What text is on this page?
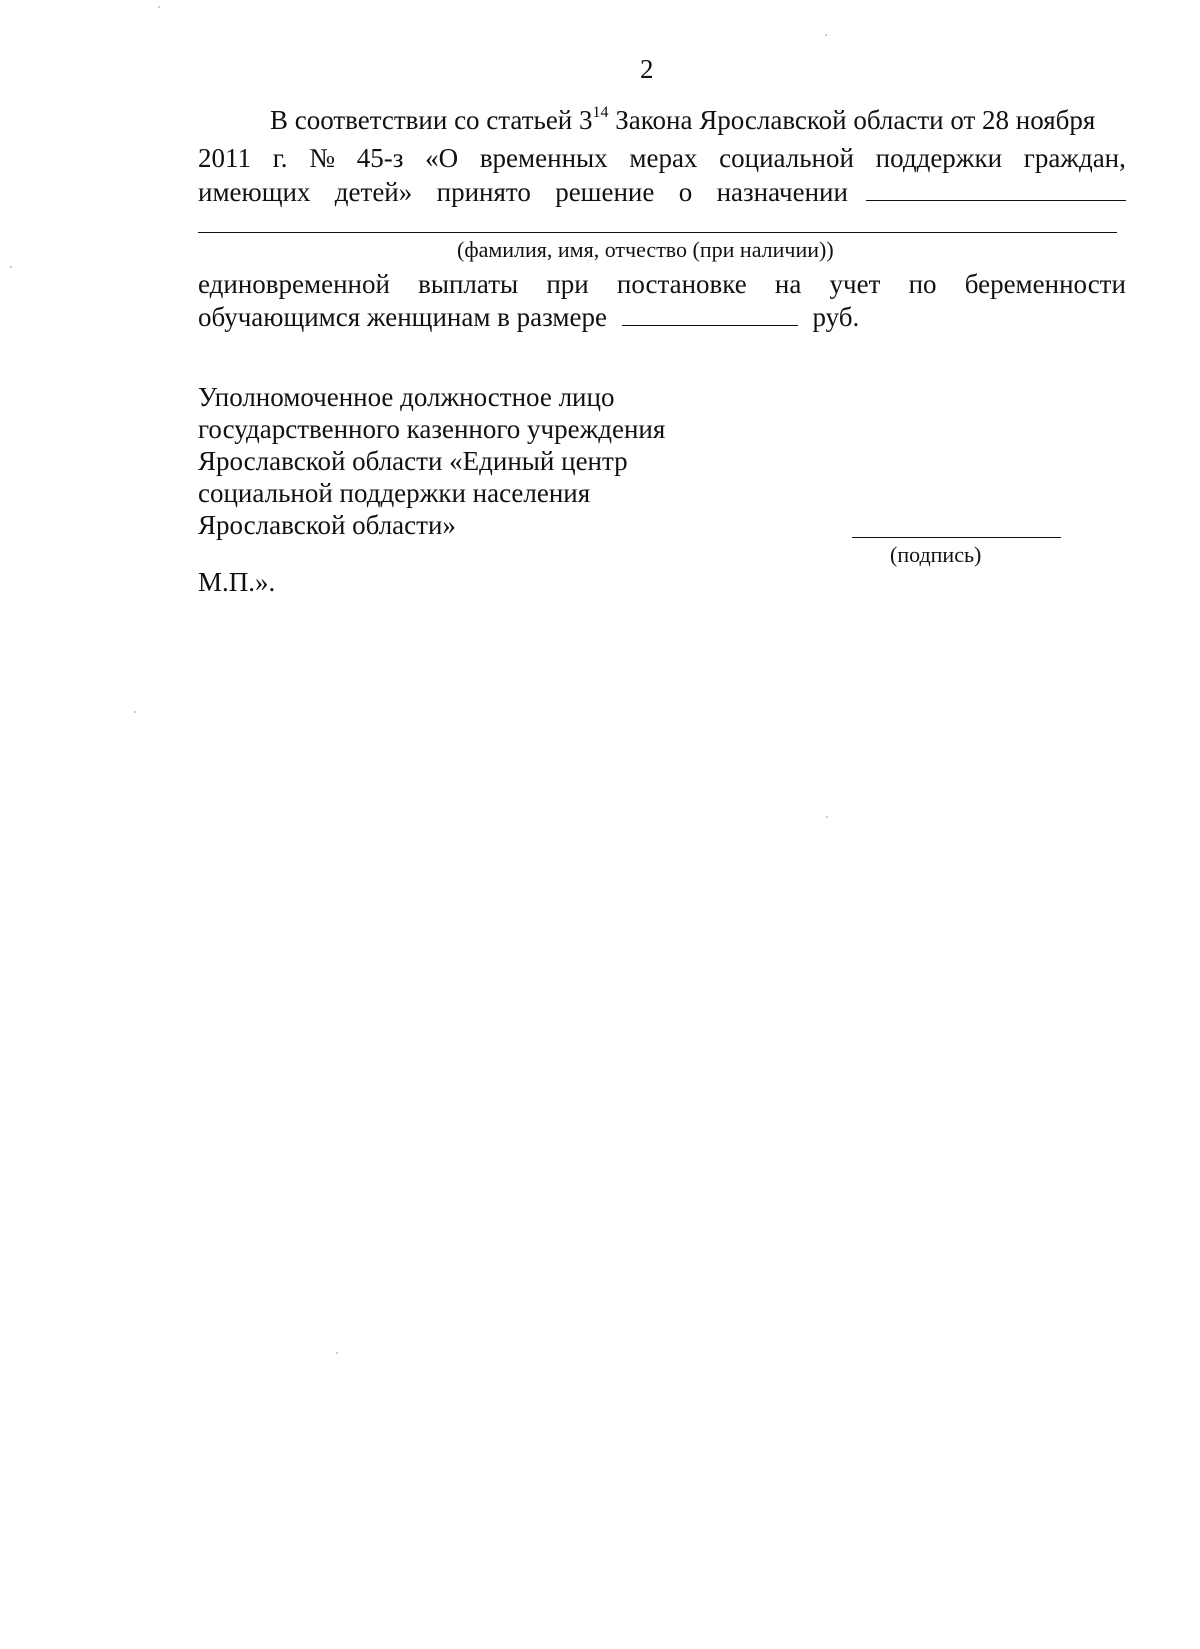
2
В соответствии со статьей $3^{14}$ Закона Ярославской области от 28 ноября
2011 г. № 45-з «О временных мерах социальной поддержки граждан,
имеющих детей» принято решение о назначении
(фамилия, имя, отчество (при наличии))
единовременной выплаты при постановке на учет по беременности
обучающимся женщинам в размере	руб.
Уполномоченное должностное лицо
государственного казенного учреждения
Ярославской области «Единый центр
социальной поддержки населения
Ярославской области»
(подпись)
М.П.».
